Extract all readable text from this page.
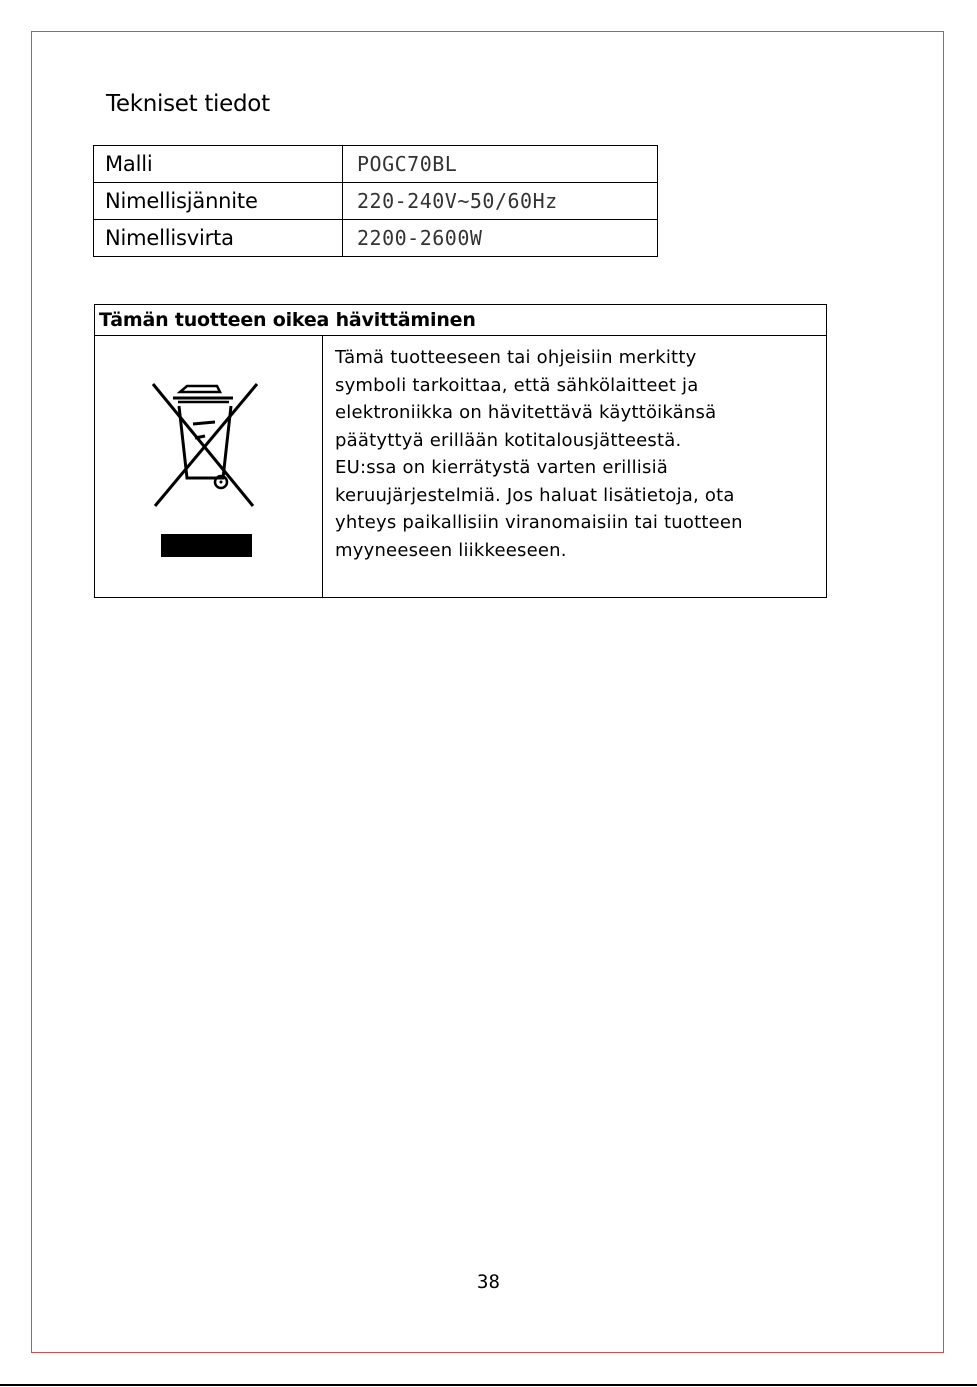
Tekniset tiedot
Malli	POGC70BL
Nimellisjännite	220-240V~50/60Hz
Nimellisvirta	2200-2600W
Tämän tuotteen oikea hävittäminen

Tämä tuotteeseen tai ohjeisiin merkitty
symboli tarkoittaa, että sähkölaitteet ja
elektroniikka on hävitettävä käyttöikänsä
päätyttyä erillään kotitalousjätteestä.
EU:ssa on kierrätystä varten erillisiä
keruujärjestelmiä. Jos haluat lisätietoja, ota
yhteys paikallisiin viranomaisiin tai tuotteen
myyneeseen liikkeeseen.
38
